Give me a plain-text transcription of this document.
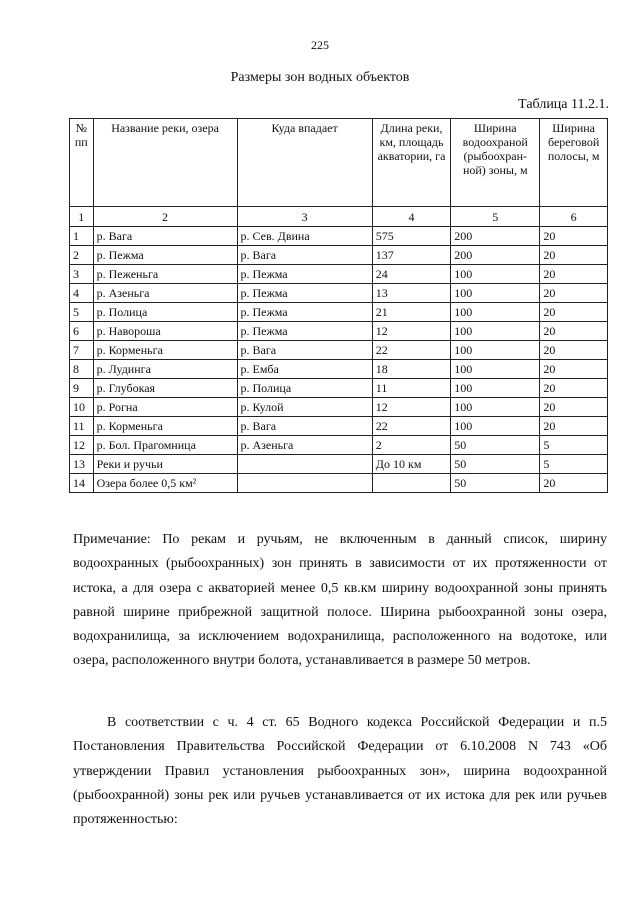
225
Размеры зон водных объектов
Таблица 11.2.1.
№ пп	Название реки, озера	Куда впадает	Длина реки, км, площадь акватории, га	Ширина водоохраной (рыбоохран-ной) зоны, м	Ширина береговой полосы, м
1	2	3	4	5	6
1	р. Вага	р. Сев. Двина	575	200	20
2	р. Пежма	р. Вага	137	200	20
3	р. Пеженьга	р. Пежма	24	100	20
4	р. Азеньга	р. Пежма	13	100	20
5	р. Полица	р. Пежма	21	100	20
6	р. Навороша	р. Пежма	12	100	20
7	р. Корменьга	р. Вага	22	100	20
8	р. Лудинга	р. Емба	18	100	20
9	р. Глубокая	р. Полица	11	100	20
10	р. Рогна	р. Кулой	12	100	20
11	р. Корменьга	р. Вага	22	100	20
12	р. Бол. Прагомница	р. Азеньга	2	50	5
13	Реки и ручьи		До 10 км	50	5
14	Озера более 0,5 км²			50	20

Примечание: По рекам и ручьям, не включенным в данный список, ширину водоохранных (рыбоохранных) зон принять в зависимости от их протяженности от истока, а для озера с акваторией менее 0,5 кв.км ширину водоохранной зоны принять равной ширине прибрежной защитной полосе. Ширина рыбоохранной зоны озера, водохранилища, за исключением водохранилища, расположенного на водотоке, или озера, расположенного внутри болота, устанавливается в размере 50 метров.

В соответствии с ч. 4 ст. 65 Водного кодекса Российской Федерации и п.5 Постановления Правительства Российской Федерации от 6.10.2008 N 743 «Об утверждении Правил установления рыбоохранных зон», ширина водоохранной (рыбоохранной) зоны рек или ручьев устанавливается от их истока для рек или ручьев протяженностью:
